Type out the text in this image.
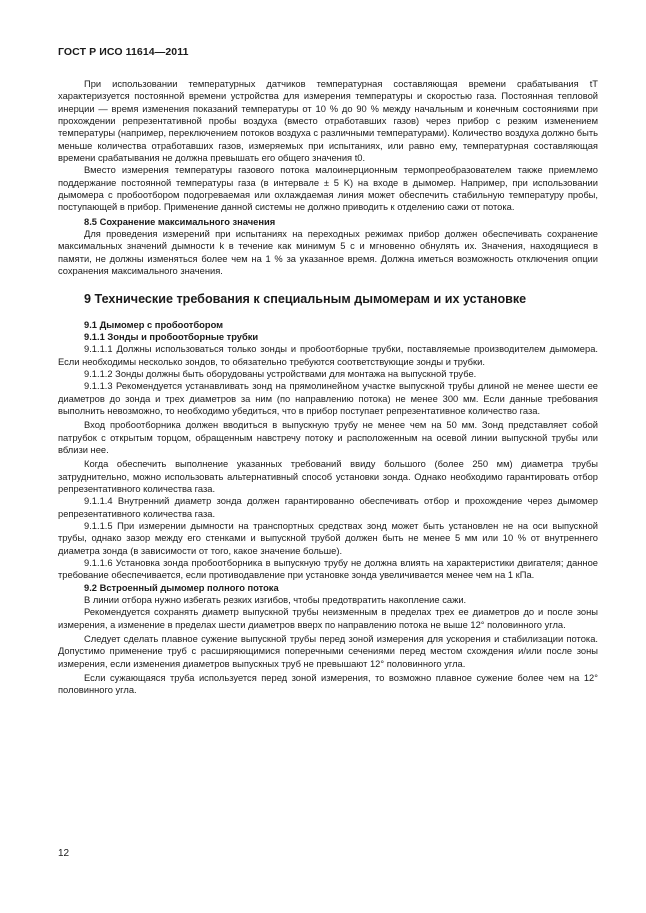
ГОСТ Р ИСО 11614—2011

При использовании температурных датчиков температурная составляющая времени срабатывания tT характеризуется постоянной времени устройства для измерения температуры и скоростью газа. Постоянная тепловой инерции — время изменения показаний температуры от 10 % до 90 % между начальным и конечным состояниями при прохождении репрезентативной пробы воздуха (вместо отработавших газов) через прибор с резким изменением температуры (например, переключением потоков воздуха с различными температурами). Количество воздуха должно быть меньше количества отработавших газов, измеряемых при испытаниях, или равно ему, температурная составляющая времени срабатывания не должна превышать его общего значения t0.

Вместо измерения температуры газового потока малоинерционным термопреобразователем также приемлемо поддержание постоянной температуры газа (в интервале ± 5 K) на входе в дымомер. Например, при использовании дымомера с пробоотбором подогреваемая или охлаждаемая линия может обеспечить стабильную температуру пробы, поступающей в прибор. Применение данной системы не должно приводить к отделению сажи от потока.

8.5 Сохранение максимального значения

Для проведения измерений при испытаниях на переходных режимах прибор должен обеспечивать сохранение максимальных значений дымности k в течение как минимум 5 с и мгновенно обнулять их. Значения, находящиеся в памяти, не должны изменяться более чем на 1 % за указанное время. Должна иметься возможность отключения опции сохранения максимального значения.

9 Технические требования к специальным дымомерам и их установке

9.1 Дымомер с пробоотбором

9.1.1 Зонды и пробоотборные трубки

9.1.1.1 Должны использоваться только зонды и пробоотборные трубки, поставляемые производителем дымомера. Если необходимы несколько зондов, то обязательно требуются соответствующие зонды и трубки.

9.1.1.2 Зонды должны быть оборудованы устройствами для монтажа на выпускной трубе.

9.1.1.3 Рекомендуется устанавливать зонд на прямолинейном участке выпускной трубы длиной не менее шести ее диаметров до зонда и трех диаметров за ним (по направлению потока) не менее 300 мм. Если данные требования выполнить невозможно, то необходимо убедиться, что в прибор поступает репрезентативное количество газа.

Вход пробоотборника должен вводиться в выпускную трубу не менее чем на 50 мм. Зонд представляет собой патрубок с открытым торцом, обращенным навстречу потоку и расположенным на осевой линии выпускной трубы или вблизи нее.

Когда обеспечить выполнение указанных требований ввиду большого (более 250 мм) диаметра трубы затруднительно, можно использовать альтернативный способ установки зонда. Однако необходимо гарантировать отбор репрезентативного количества газа.

9.1.1.4 Внутренний диаметр зонда должен гарантированно обеспечивать отбор и прохождение через дымомер репрезентативного количества газа.

9.1.1.5 При измерении дымности на транспортных средствах зонд может быть установлен не на оси выпускной трубы, однако зазор между его стенками и выпускной трубой должен быть не менее 5 мм или 10 % от внутреннего диаметра зонда (в зависимости от того, какое значение больше).

9.1.1.6 Установка зонда пробоотборника в выпускную трубу не должна влиять на характеристики двигателя; данное требование обеспечивается, если противодавление при установке зонда увеличивается менее чем на 1 кПа.

9.2 Встроенный дымомер полного потока

В линии отбора нужно избегать резких изгибов, чтобы предотвратить накопление сажи.

Рекомендуется сохранять диаметр выпускной трубы неизменным в пределах трех ее диаметров до и после зоны измерения, а изменение в пределах шести диаметров вверх по направлению потока не выше 12° половинного угла.

Следует сделать плавное сужение выпускной трубы перед зоной измерения для ускорения и стабилизации потока. Допустимо применение труб с расширяющимися поперечными сечениями перед местом схождения и/или после зоны измерения, если изменения диаметров выпускных труб не превышают 12° половинного угла.

Если сужающаяся труба используется перед зоной измерения, то возможно плавное сужение более чем на 12° половинного угла.

12
